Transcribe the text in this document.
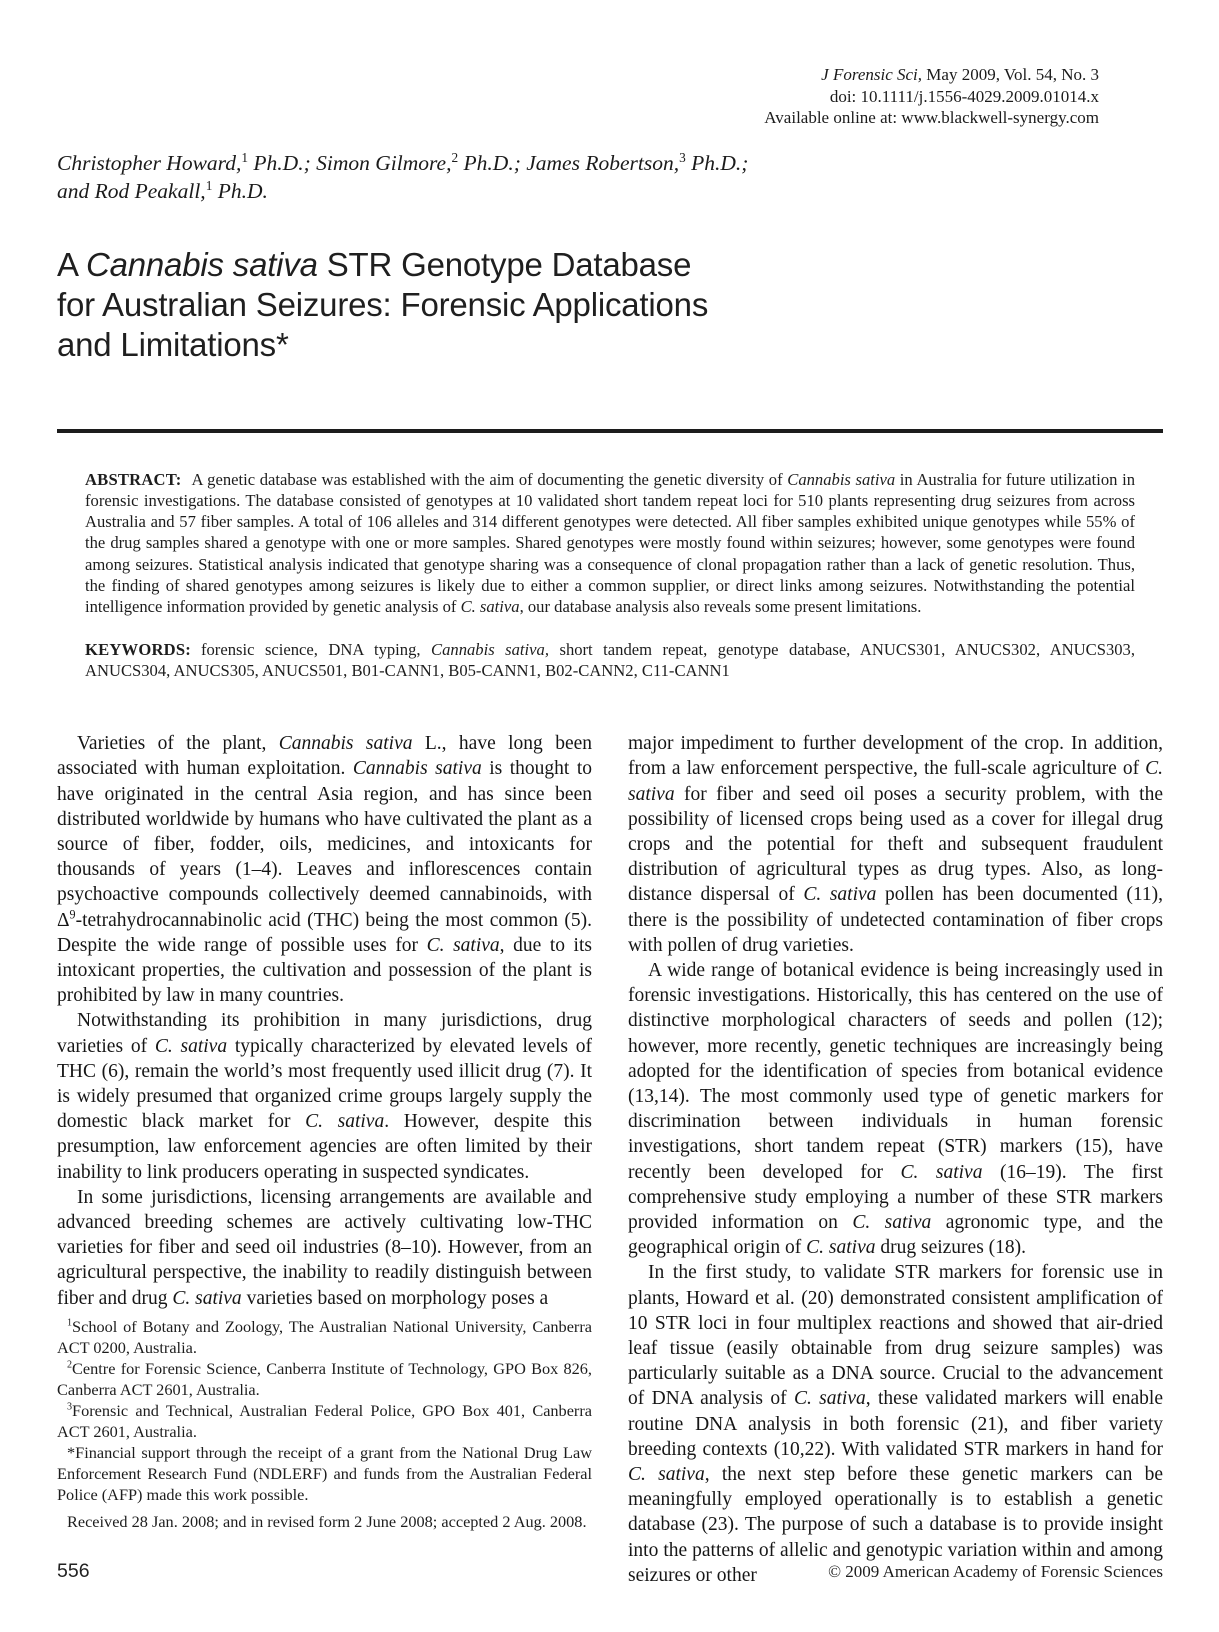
J Forensic Sci, May 2009, Vol. 54, No. 3
doi: 10.1111/j.1556-4029.2009.01014.x
Available online at: www.blackwell-synergy.com
Christopher Howard,$^1$ Ph.D.; Simon Gilmore,$^2$ Ph.D.; James Robertson,$^3$ Ph.D.;
and Rod Peakall,$^1$ Ph.D.
A Cannabis sativa STR Genotype Database
for Australian Seizures: Forensic Applications
and Limitations*

ABSTRACT: A genetic database was established with the aim of documenting the genetic diversity of Cannabis sativa in Australia for future utilization in forensic investigations. The database consisted of genotypes at 10 validated short tandem repeat loci for 510 plants representing drug seizures from across Australia and 57 fiber samples. A total of 106 alleles and 314 different genotypes were detected. All fiber samples exhibited unique genotypes while 55% of the drug samples shared a genotype with one or more samples. Shared genotypes were mostly found within seizures; however, some genotypes were found among seizures. Statistical analysis indicated that genotype sharing was a consequence of clonal propagation rather than a lack of genetic resolution. Thus, the finding of shared genotypes among seizures is likely due to either a common supplier, or direct links among seizures. Notwithstanding the potential intelligence information provided by genetic analysis of C. sativa, our database analysis also reveals some present limitations.

KEYWORDS: forensic science, DNA typing, Cannabis sativa, short tandem repeat, genotype database, ANUCS301, ANUCS302, ANUCS303, ANUCS304, ANUCS305, ANUCS501, B01-CANN1, B05-CANN1, B02-CANN2, C11-CANN1

Varieties of the plant, Cannabis sativa L., have long been associated with human exploitation. Cannabis sativa is thought to have originated in the central Asia region, and has since been distributed worldwide by humans who have cultivated the plant as a source of fiber, fodder, oils, medicines, and intoxicants for thousands of years (1–4). Leaves and inflorescences contain psychoactive compounds collectively deemed cannabinoids, with $\Delta^9$-tetrahydrocannabinolic acid (THC) being the most common (5). Despite the wide range of possible uses for C. sativa, due to its intoxicant properties, the cultivation and possession of the plant is prohibited by law in many countries.

Notwithstanding its prohibition in many jurisdictions, drug varieties of C. sativa typically characterized by elevated levels of THC (6), remain the world’s most frequently used illicit drug (7). It is widely presumed that organized crime groups largely supply the domestic black market for C. sativa. However, despite this presumption, law enforcement agencies are often limited by their inability to link producers operating in suspected syndicates.

In some jurisdictions, licensing arrangements are available and advanced breeding schemes are actively cultivating low-THC varieties for fiber and seed oil industries (8–10). However, from an agricultural perspective, the inability to readily distinguish between fiber and drug C. sativa varieties based on morphology poses a

$^1$School of Botany and Zoology, The Australian National University, Canberra ACT 0200, Australia.

$^2$Centre for Forensic Science, Canberra Institute of Technology, GPO Box 826, Canberra ACT 2601, Australia.

$^3$Forensic and Technical, Australian Federal Police, GPO Box 401, Canberra ACT 2601, Australia.

*Financial support through the receipt of a grant from the National Drug Law Enforcement Research Fund (NDLERF) and funds from the Australian Federal Police (AFP) made this work possible.

Received 28 Jan. 2008; and in revised form 2 June 2008; accepted 2 Aug. 2008.

major impediment to further development of the crop. In addition, from a law enforcement perspective, the full-scale agriculture of C. sativa for fiber and seed oil poses a security problem, with the possibility of licensed crops being used as a cover for illegal drug crops and the potential for theft and subsequent fraudulent distribution of agricultural types as drug types. Also, as long-distance dispersal of C. sativa pollen has been documented (11), there is the possibility of undetected contamination of fiber crops with pollen of drug varieties.

A wide range of botanical evidence is being increasingly used in forensic investigations. Historically, this has centered on the use of distinctive morphological characters of seeds and pollen (12); however, more recently, genetic techniques are increasingly being adopted for the identification of species from botanical evidence (13,14). The most commonly used type of genetic markers for discrimination between individuals in human forensic investigations, short tandem repeat (STR) markers (15), have recently been developed for C. sativa (16–19). The first comprehensive study employing a number of these STR markers provided information on C. sativa agronomic type, and the geographical origin of C. sativa drug seizures (18).

In the first study, to validate STR markers for forensic use in plants, Howard et al. (20) demonstrated consistent amplification of 10 STR loci in four multiplex reactions and showed that air-dried leaf tissue (easily obtainable from drug seizure samples) was particularly suitable as a DNA source. Crucial to the advancement of DNA analysis of C. sativa, these validated markers will enable routine DNA analysis in both forensic (21), and fiber variety breeding contexts (10,22). With validated STR markers in hand for C. sativa, the next step before these genetic markers can be meaningfully employed operationally is to establish a genetic database (23). The purpose of such a database is to provide insight into the patterns of allelic and genotypic variation within and among seizures or other

556	© 2009 American Academy of Forensic Sciences
